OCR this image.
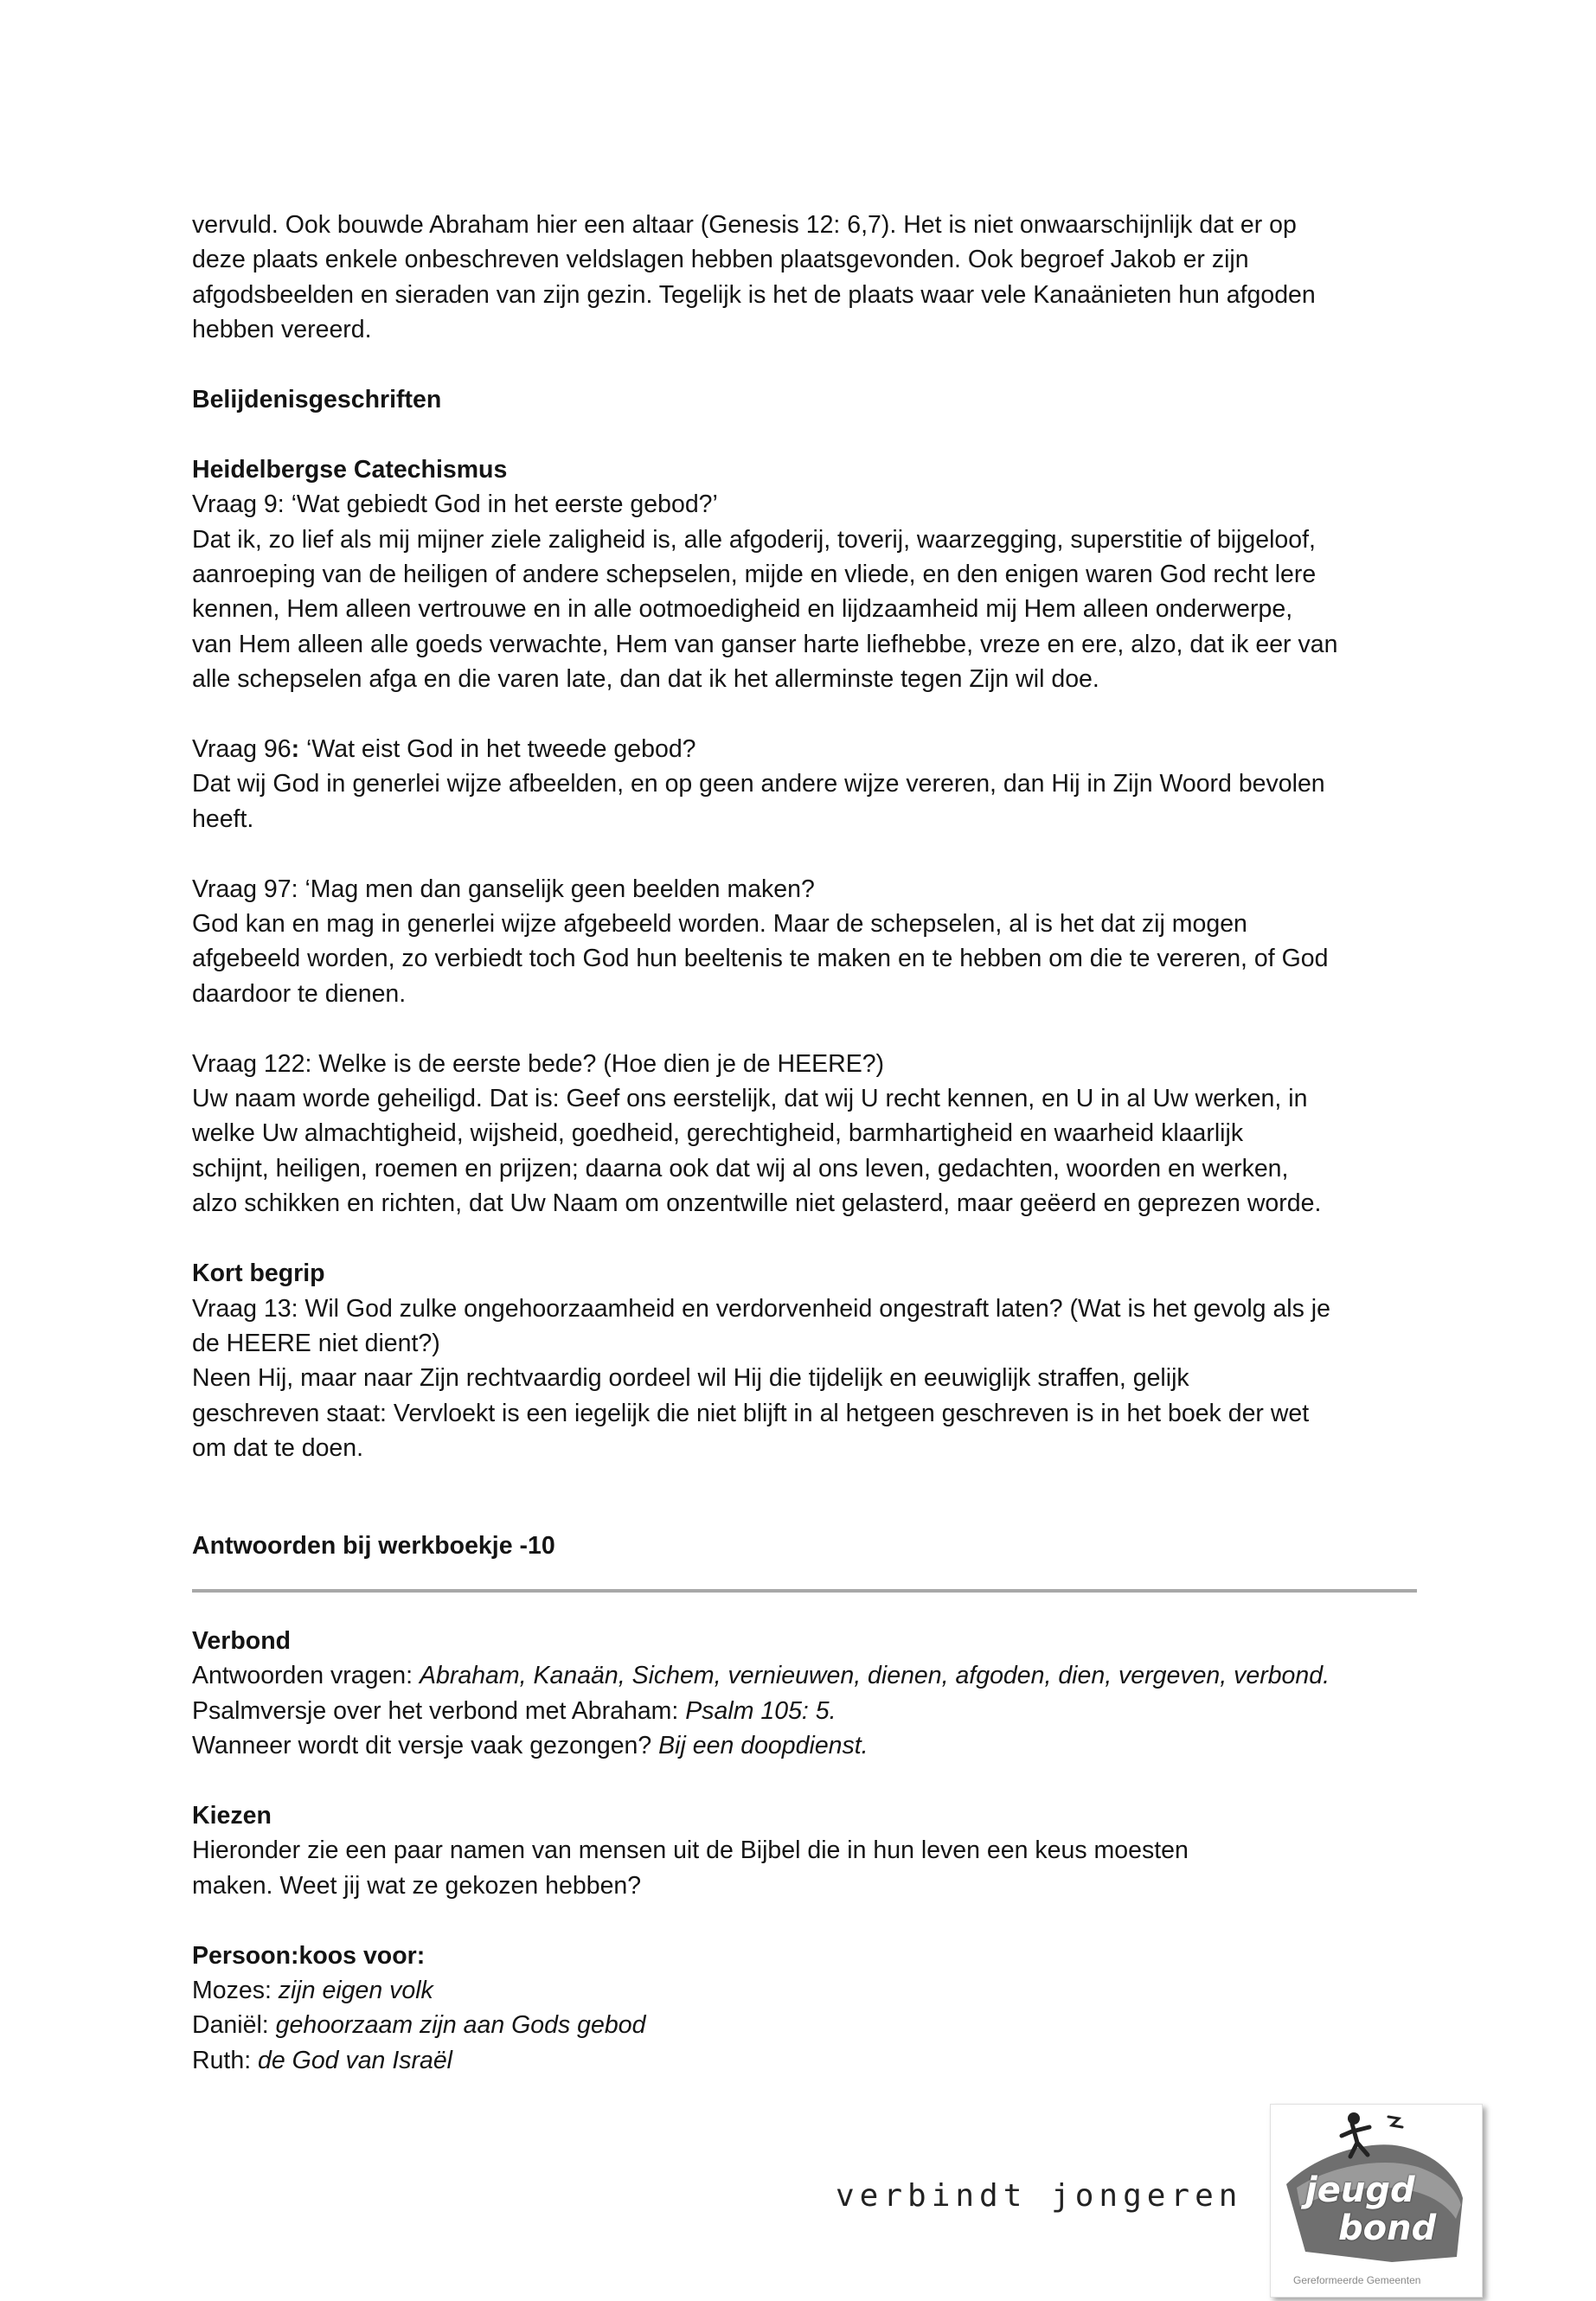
vervuld. Ook bouwde Abraham hier een altaar (Genesis 12: 6,7). Het is niet onwaarschijnlijk dat er op

deze plaats enkele onbeschreven veldslagen hebben plaatsgevonden. Ook begroef Jakob er zijn

afgodsbeelden en sieraden van zijn gezin. Tegelijk is het de plaats waar vele Kanaänieten hun afgoden

hebben vereerd.

Belijdenisgeschriften
Heidelbergse Catechismus

Vraag 9: ‘Wat gebiedt God in het eerste gebod?’

Dat ik, zo lief als mij mijner ziele zaligheid is, alle afgoderij, toverij, waarzegging, superstitie of bijgeloof,

aanroeping van de heiligen of andere schepselen, mijde en vliede, en den enigen waren God recht lere

kennen, Hem alleen vertrouwe en in alle ootmoedigheid en lijdzaamheid mij Hem alleen onderwerpe,

van Hem alleen alle goeds verwachte, Hem van ganser harte liefhebbe, vreze en ere, alzo, dat ik eer van

alle schepselen afga en die varen late, dan dat ik het allerminste tegen Zijn wil doe.

Vraag 96: ‘Wat eist God in het tweede gebod?

Dat wij God in generlei wijze afbeelden, en op geen andere wijze vereren, dan Hij in Zijn Woord bevolen

heeft.

Vraag 97: ‘Mag men dan ganselijk geen beelden maken?

God kan en mag in generlei wijze afgebeeld worden. Maar de schepselen, al is het dat zij mogen

afgebeeld worden, zo verbiedt toch God hun beeltenis te maken en te hebben om die te vereren, of God

daardoor te dienen.

Vraag 122: Welke is de eerste bede? (Hoe dien je de HEERE?)

Uw naam worde geheiligd. Dat is: Geef ons eerstelijk, dat wij U recht kennen, en U in al Uw werken, in

welke Uw almachtigheid, wijsheid, goedheid, gerechtigheid, barmhartigheid en waarheid klaarlijk

schijnt, heiligen, roemen en prijzen; daarna ook dat wij al ons leven, gedachten, woorden en werken,

alzo schikken en richten, dat Uw Naam om onzentwille niet gelasterd, maar geëerd en geprezen worde.

Kort begrip

Vraag 13: Wil God zulke ongehoorzaamheid en verdorvenheid ongestraft laten? (Wat is het gevolg als je

de HEERE niet dient?)

Neen Hij, maar naar Zijn rechtvaardig oordeel wil Hij die tijdelijk en eeuwiglijk straffen, gelijk

geschreven staat: Vervloekt is een iegelijk die niet blijft in al hetgeen geschreven is in het boek der wet

om dat te doen.

Antwoorden bij werkboekje -10
Verbond

Antwoorden vragen: Abraham, Kanaän, Sichem, vernieuwen, dienen, afgoden, dien, vergeven, verbond.

Psalmversje over het verbond met Abraham: Psalm 105: 5.

Wanneer wordt dit versje vaak gezongen? Bij een doopdienst.

Kiezen

Hieronder zie een paar namen van mensen uit de Bijbel die in hun leven een keus moesten

maken. Weet jij wat ze gekozen hebben?

Persoon:koos voor:

Mozes: zijn eigen volk

Daniël: gehoorzaam zijn aan Gods gebod

Ruth: de God van Israël

verbindt jongeren jeugd
bond
Gereformeerde Gemeenten
